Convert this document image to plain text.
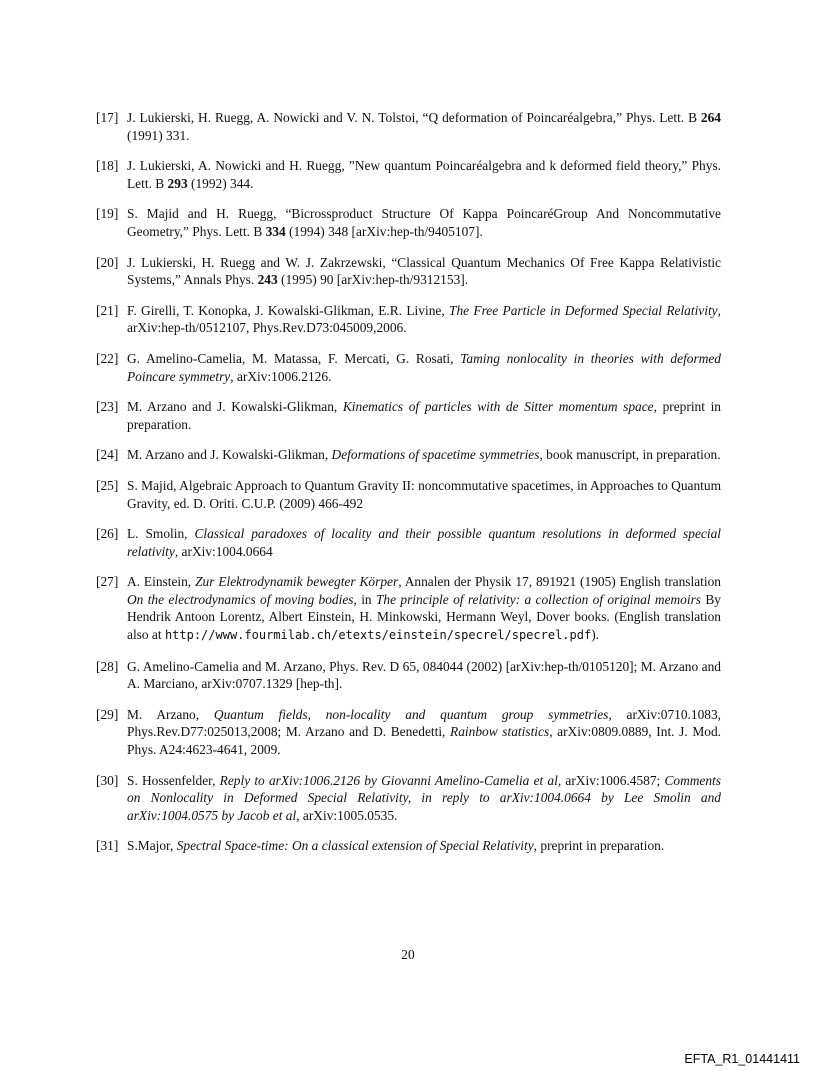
[17] J. Lukierski, H. Ruegg, A. Nowicki and V. N. Tolstoi, “Q deformation of Poincaréalgebra,” Phys. Lett. B 264 (1991) 331.
[18] J. Lukierski, A. Nowicki and H. Ruegg, ”New quantum Poincaréalgebra and k deformed field theory,” Phys. Lett. B 293 (1992) 344.
[19] S. Majid and H. Ruegg, “Bicrossproduct Structure Of Kappa PoincaréGroup And Noncommutative Geometry,” Phys. Lett. B 334 (1994) 348 [arXiv:hep-th/9405107].
[20] J. Lukierski, H. Ruegg and W. J. Zakrzewski, “Classical Quantum Mechanics Of Free Kappa Relativistic Systems,” Annals Phys. 243 (1995) 90 [arXiv:hep-th/9312153].
[21] F. Girelli, T. Konopka, J. Kowalski-Glikman, E.R. Livine, The Free Particle in Deformed Special Relativity, arXiv:hep-th/0512107, Phys.Rev.D73:045009,2006.
[22] G. Amelino-Camelia, M. Matassa, F. Mercati, G. Rosati, Taming nonlocality in theories with deformed Poincare symmetry, arXiv:1006.2126.
[23] M. Arzano and J. Kowalski-Glikman, Kinematics of particles with de Sitter momentum space, preprint in preparation.
[24] M. Arzano and J. Kowalski-Glikman, Deformations of spacetime symmetries, book manuscript, in preparation.
[25] S. Majid, Algebraic Approach to Quantum Gravity II: noncommutative spacetimes, in Approaches to Quantum Gravity, ed. D. Oriti. C.U.P. (2009) 466-492
[26] L. Smolin, Classical paradoxes of locality and their possible quantum resolutions in deformed special relativity, arXiv:1004.0664
[27] A. Einstein, Zur Elektrodynamik bewegter Körper, Annalen der Physik 17, 891921 (1905) English translation On the electrodynamics of moving bodies, in The principle of relativity: a collection of original memoirs By Hendrik Antoon Lorentz, Albert Einstein, H. Minkowski, Hermann Weyl, Dover books. (English translation also at http://www.fourmilab.ch/etexts/einstein/specrel/specrel.pdf).
[28] G. Amelino-Camelia and M. Arzano, Phys. Rev. D 65, 084044 (2002) [arXiv:hep-th/0105120]; M. Arzano and A. Marciano, arXiv:0707.1329 [hep-th].
[29] M. Arzano, Quantum fields, non-locality and quantum group symmetries, arXiv:0710.1083, Phys.Rev.D77:025013,2008; M. Arzano and D. Benedetti, Rainbow statistics, arXiv:0809.0889, Int. J. Mod. Phys. A24:4623-4641, 2009.
[30] S. Hossenfelder, Reply to arXiv:1006.2126 by Giovanni Amelino-Camelia et al, arXiv:1006.4587; Comments on Nonlocality in Deformed Special Relativity, in reply to arXiv:1004.0664 by Lee Smolin and arXiv:1004.0575 by Jacob et al, arXiv:1005.0535.
[31] S.Major, Spectral Space-time: On a classical extension of Special Relativity, preprint in preparation.
20
EFTA_R1_01441411
